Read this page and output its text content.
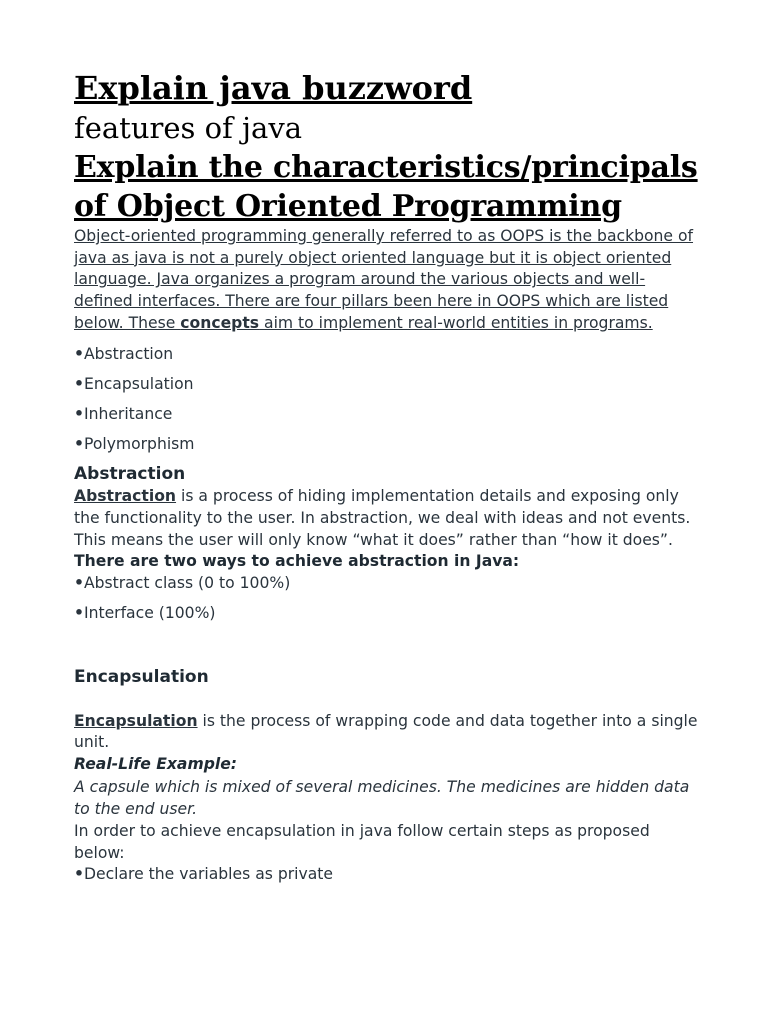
Explain java buzzword

features of java

Explain the characteristics/principals of Object Oriented Programming

Object-oriented programming generally referred to as OOPS is the backbone of java as java is not a purely object oriented language but it is object oriented language. Java organizes a program around the various objects and well-defined interfaces. There are four pillars been here in OOPS which are listed below. These concepts aim to implement real-world entities in programs.

•Abstraction

•Encapsulation

•Inheritance

•Polymorphism

Abstraction

Abstraction is a process of hiding implementation details and exposing only the functionality to the user. In abstraction, we deal with ideas and not events. This means the user will only know “what it does” rather than “how it does”.

There are two ways to achieve abstraction in Java:

•Abstract class (0 to 100%)

•Interface (100%)

Encapsulation

Encapsulation is the process of wrapping code and data together into a single unit.

Real-Life Example:

A capsule which is mixed of several medicines. The medicines are hidden data to the end user.

In order to achieve encapsulation in java follow certain steps as proposed below:

•Declare the variables as private
